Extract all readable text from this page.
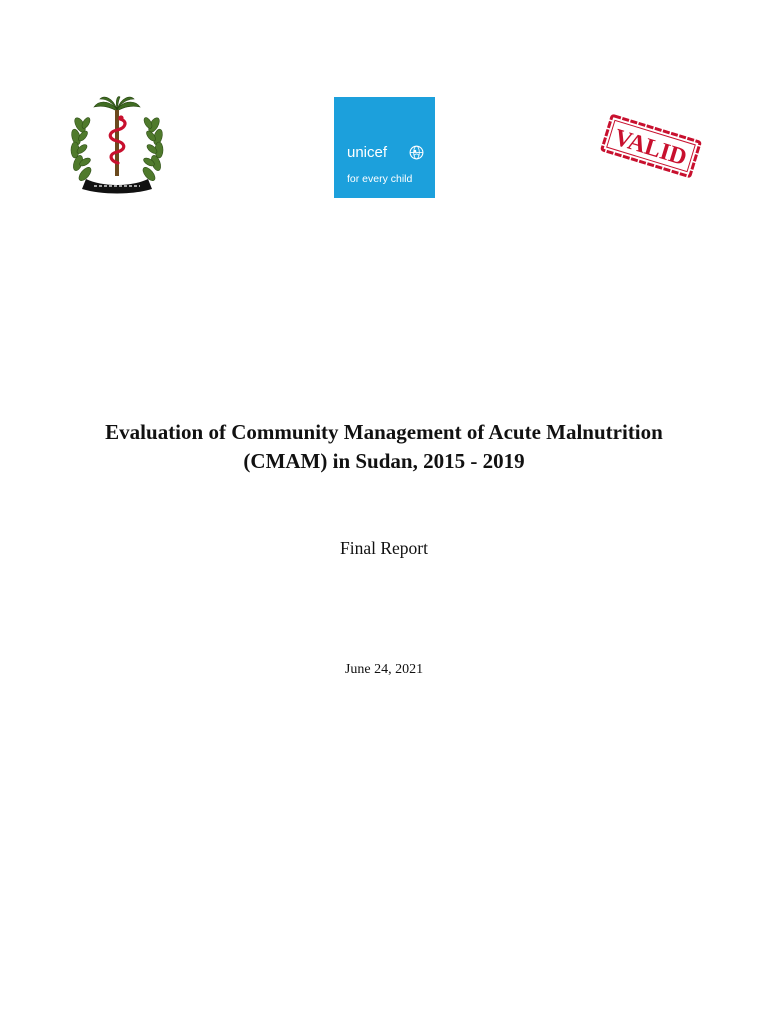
unicef
for every child
VALID
Evaluation of Community Management of Acute Malnutrition
(CMAM) in Sudan, 2015 - 2019
Final Report
June 24, 2021
